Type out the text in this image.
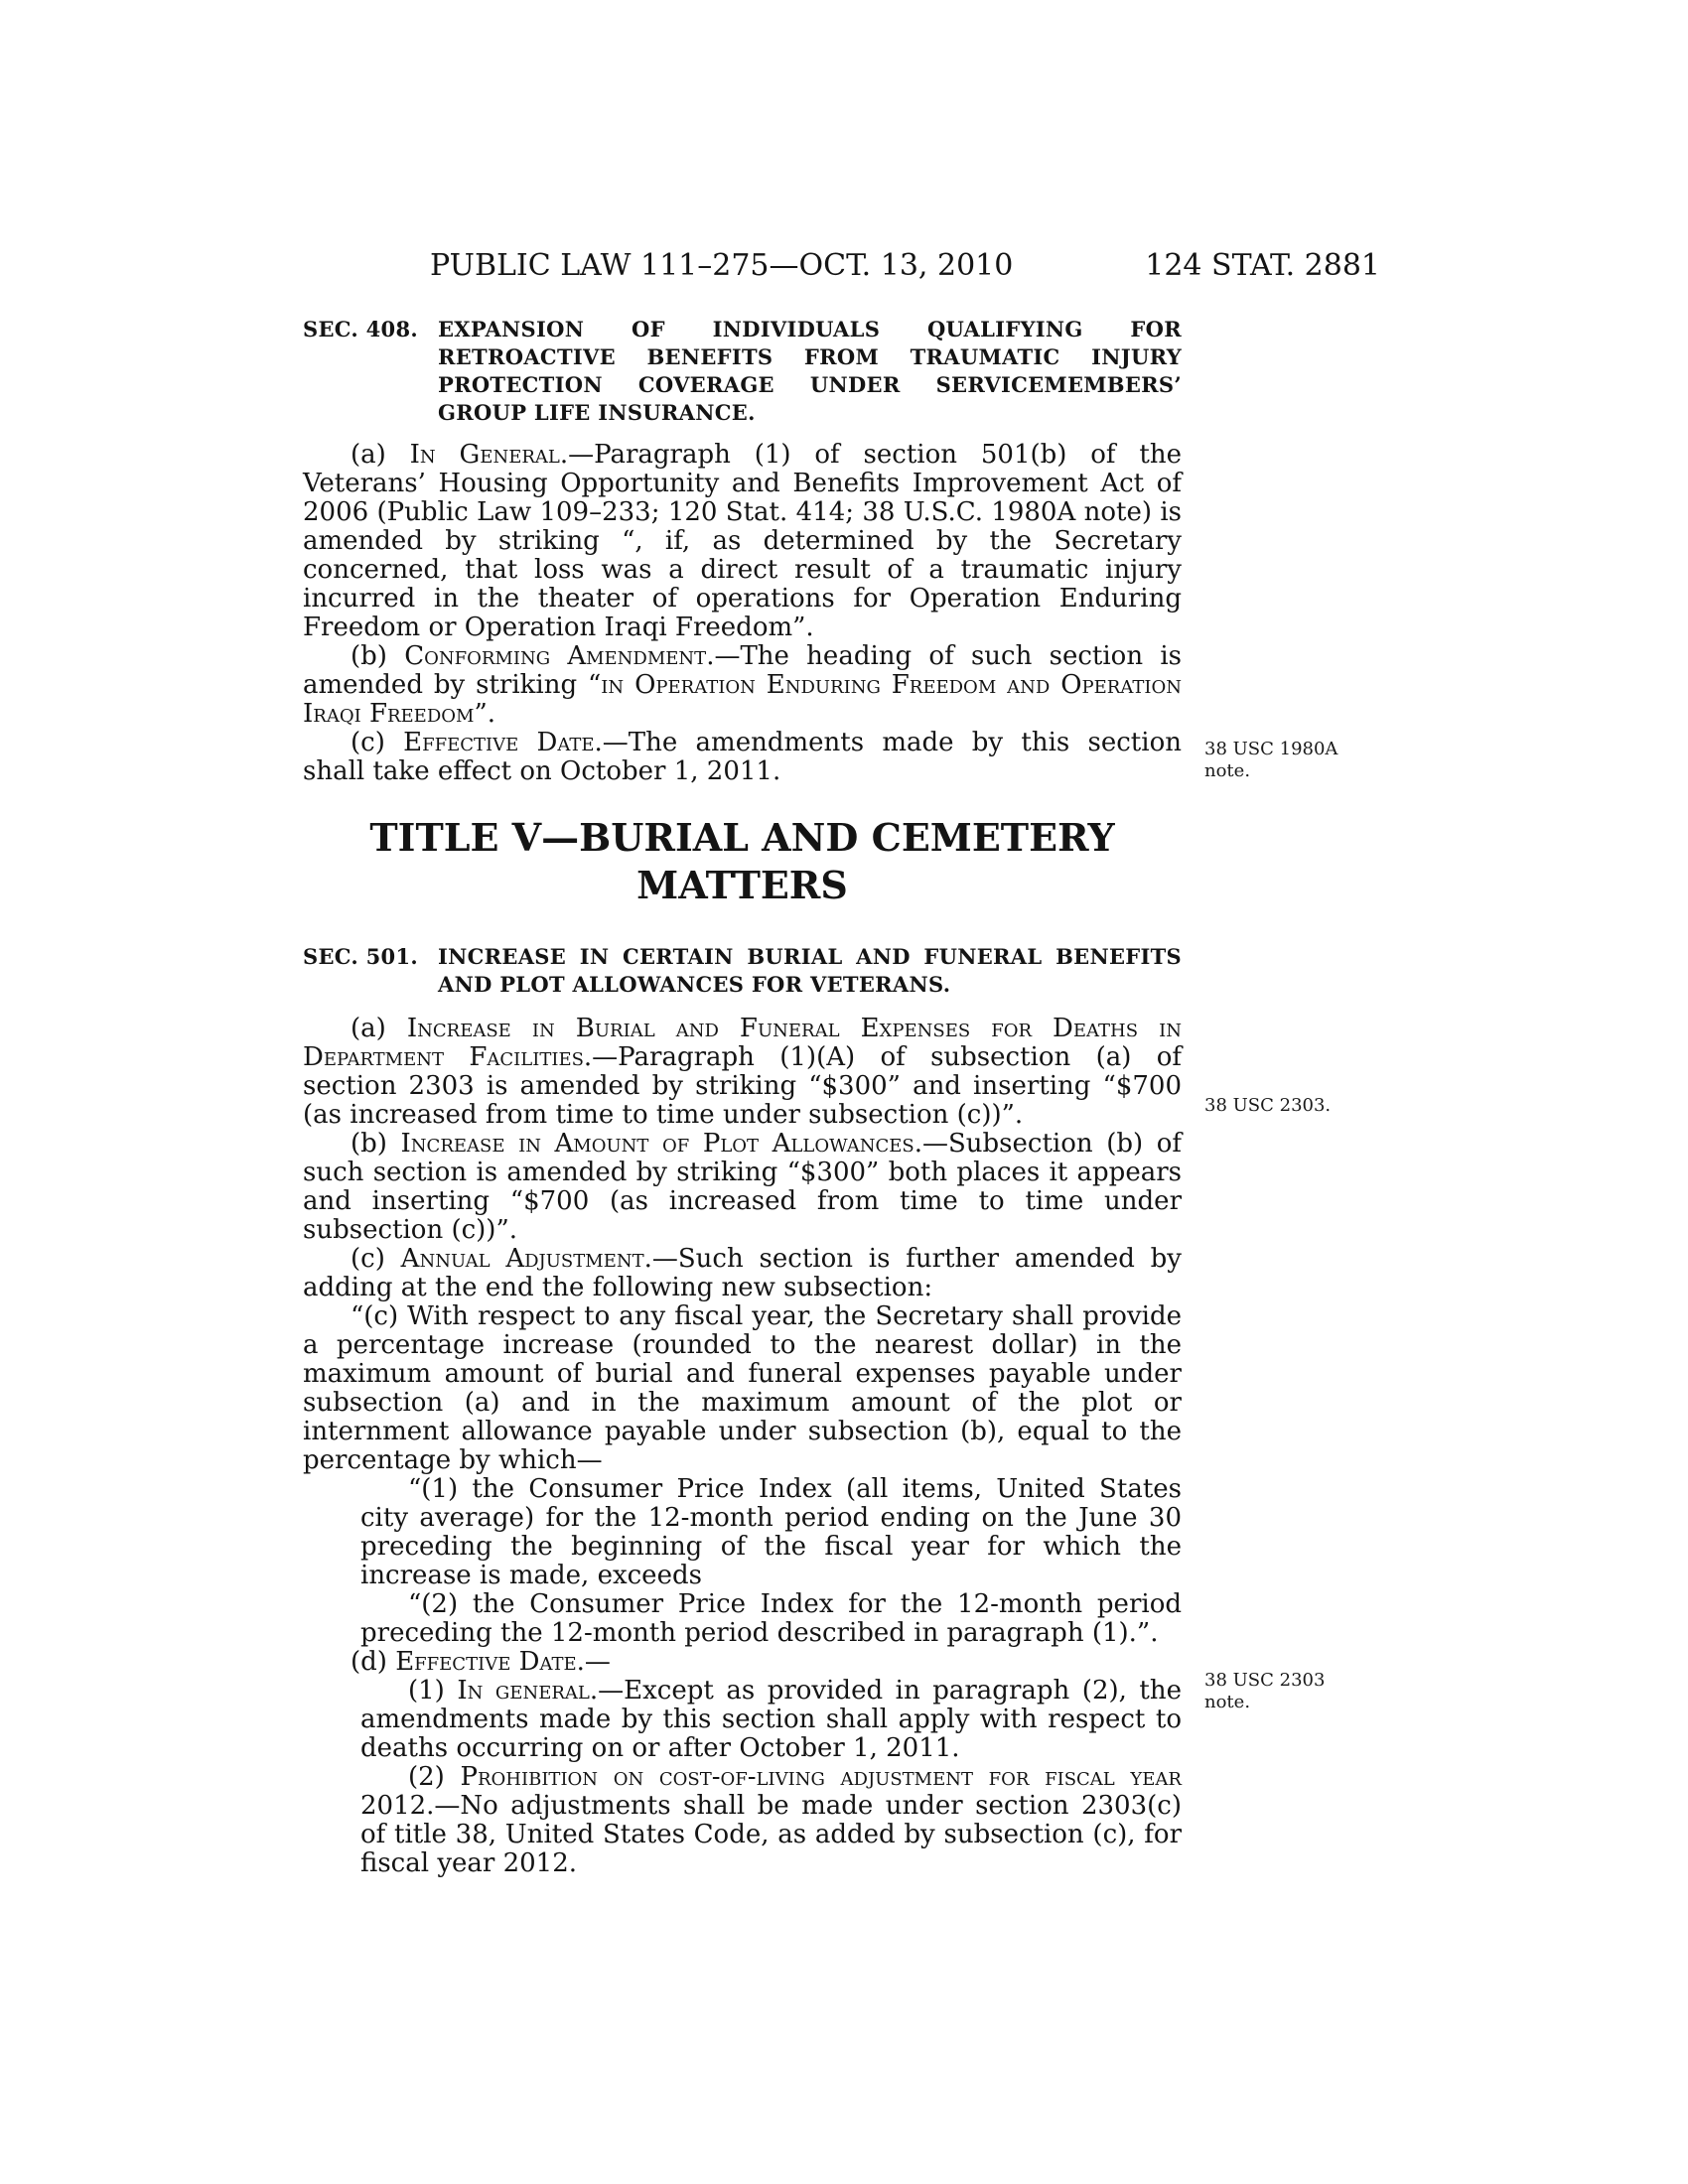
PUBLIC LAW 111–275—OCT. 13, 2010	124 STAT. 2881
SEC. 408. EXPANSION OF INDIVIDUALS QUALIFYING FOR RETROACTIVE BENEFITS FROM TRAUMATIC INJURY PROTECTION COVERAGE UNDER SERVICEMEMBERS’ GROUP LIFE INSURANCE.

(a) In General.—Paragraph (1) of section 501(b) of the Veterans’ Housing Opportunity and Benefits Improvement Act of 2006 (Public Law 109–233; 120 Stat. 414; 38 U.S.C. 1980A note) is amended by striking “, if, as determined by the Secretary concerned, that loss was a direct result of a traumatic injury incurred in the theater of operations for Operation Enduring Freedom or Operation Iraqi Freedom”.

(b) Conforming Amendment.—The heading of such section is amended by striking “in Operation Enduring Freedom and Operation Iraqi Freedom”.

(c) Effective Date.—The amendments made by this section shall take effect on October 1, 2011.

38 USC 1980A
note.
TITLE V—BURIAL AND CEMETERY
MATTERS
SEC. 501. INCREASE IN CERTAIN BURIAL AND FUNERAL BENEFITS AND PLOT ALLOWANCES FOR VETERANS.

(a) Increase in Burial and Funeral Expenses for Deaths in Department Facilities.—Paragraph (1)(A) of subsection (a) of section 2303 is amended by striking “$300” and inserting “$700 (as increased from time to time under subsection (c))”.

(b) Increase in Amount of Plot Allowances.—Subsection (b) of such section is amended by striking “$300” both places it appears and inserting “$700 (as increased from time to time under subsection (c))”.

(c) Annual Adjustment.—Such section is further amended by adding at the end the following new subsection:

“(c) With respect to any fiscal year, the Secretary shall provide a percentage increase (rounded to the nearest dollar) in the maximum amount of burial and funeral expenses payable under subsection (a) and in the maximum amount of the plot or internment allowance payable under subsection (b), equal to the percentage by which—

“(1) the Consumer Price Index (all items, United States city average) for the 12-month period ending on the June 30 preceding the beginning of the fiscal year for which the increase is made, exceeds

“(2) the Consumer Price Index for the 12-month period preceding the 12-month period described in paragraph (1).”.

(d) Effective Date.—

(1) In general.—Except as provided in paragraph (2), the amendments made by this section shall apply with respect to deaths occurring on or after October 1, 2011.

(2) Prohibition on cost-of-living adjustment for fiscal year 2012.—No adjustments shall be made under section 2303(c) of title 38, United States Code, as added by subsection (c), for fiscal year 2012.

38 USC 2303.
38 USC 2303
note.
